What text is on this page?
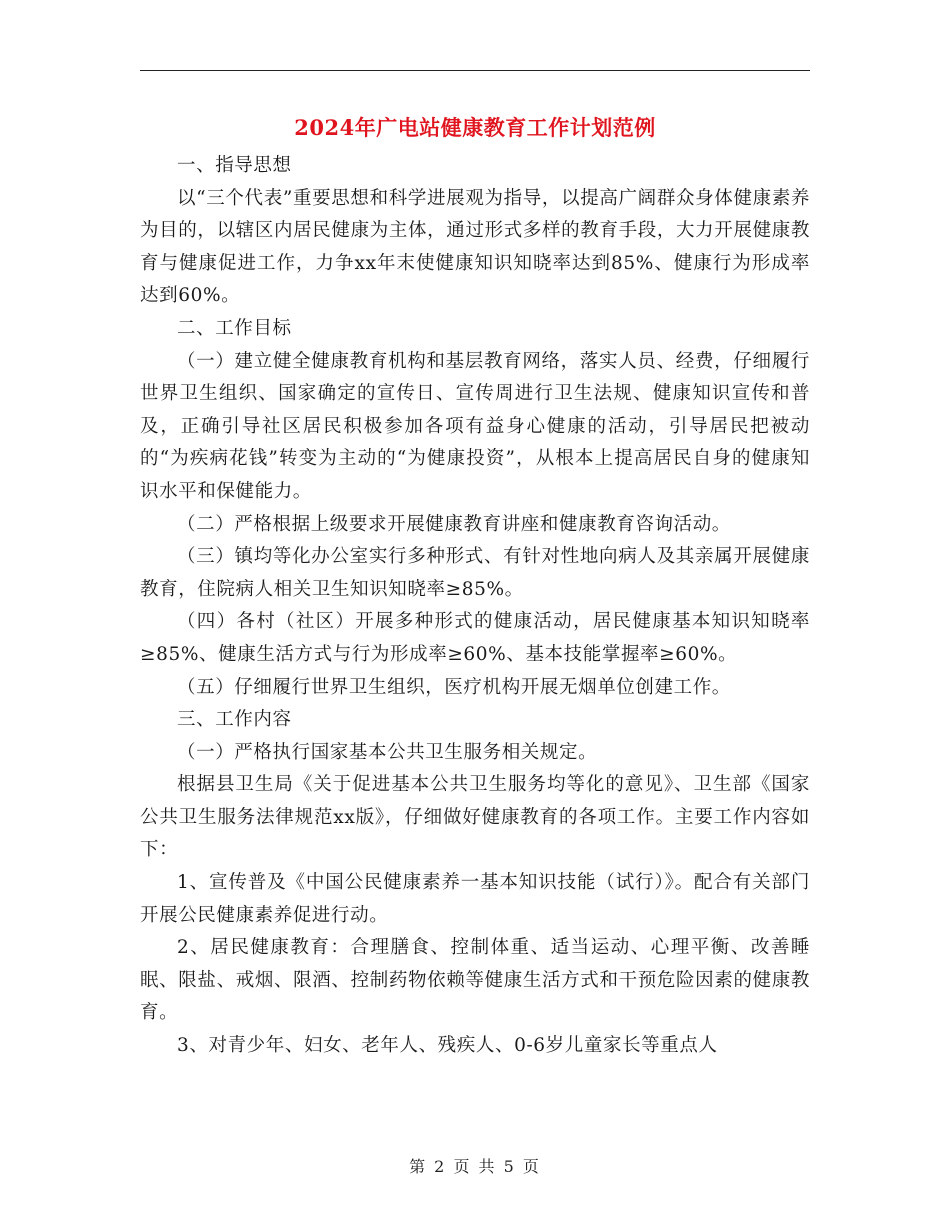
2024年广电站健康教育工作计划范例

一、指导思想

以“三个代表”重要思想和科学进展观为指导，以提高广阔群众身体健康素养为目的，以辖区内居民健康为主体，通过形式多样的教育手段，大力开展健康教育与健康促进工作，力争xx年末使健康知识知晓率达到85%、健康行为形成率达到60%。

二、工作目标

（一）建立健全健康教育机构和基层教育网络，落实人员、经费，仔细履行世界卫生组织、国家确定的宣传日、宣传周进行卫生法规、健康知识宣传和普及，正确引导社区居民积极参加各项有益身心健康的活动，引导居民把被动的“为疾病花钱”转变为主动的“为健康投资”，从根本上提高居民自身的健康知识水平和保健能力。

（二）严格根据上级要求开展健康教育讲座和健康教育咨询活动。

（三）镇均等化办公室实行多种形式、有针对性地向病人及其亲属开展健康教育，住院病人相关卫生知识知晓率≥85%。

（四）各村（社区）开展多种形式的健康活动，居民健康基本知识知晓率≥85%、健康生活方式与行为形成率≥60%、基本技能掌握率≥60%。

（五）仔细履行世界卫生组织，医疗机构开展无烟单位创建工作。

三、工作内容

（一）严格执行国家基本公共卫生服务相关规定。

根据县卫生局《关于促进基本公共卫生服务均等化的意见》、卫生部《国家公共卫生服务法律规范xx版》，仔细做好健康教育的各项工作。主要工作内容如下：

1、宣传普及《中国公民健康素养一基本知识技能（试行）》。配合有关部门开展公民健康素养促进行动。

2、居民健康教育：合理膳食、控制体重、适当运动、心理平衡、改善睡眠、限盐、戒烟、限酒、控制药物依赖等健康生活方式和干预危险因素的健康教育。

3、对青少年、妇女、老年人、残疾人、0-6岁儿童家长等重点人

第 2 页 共 5 页
